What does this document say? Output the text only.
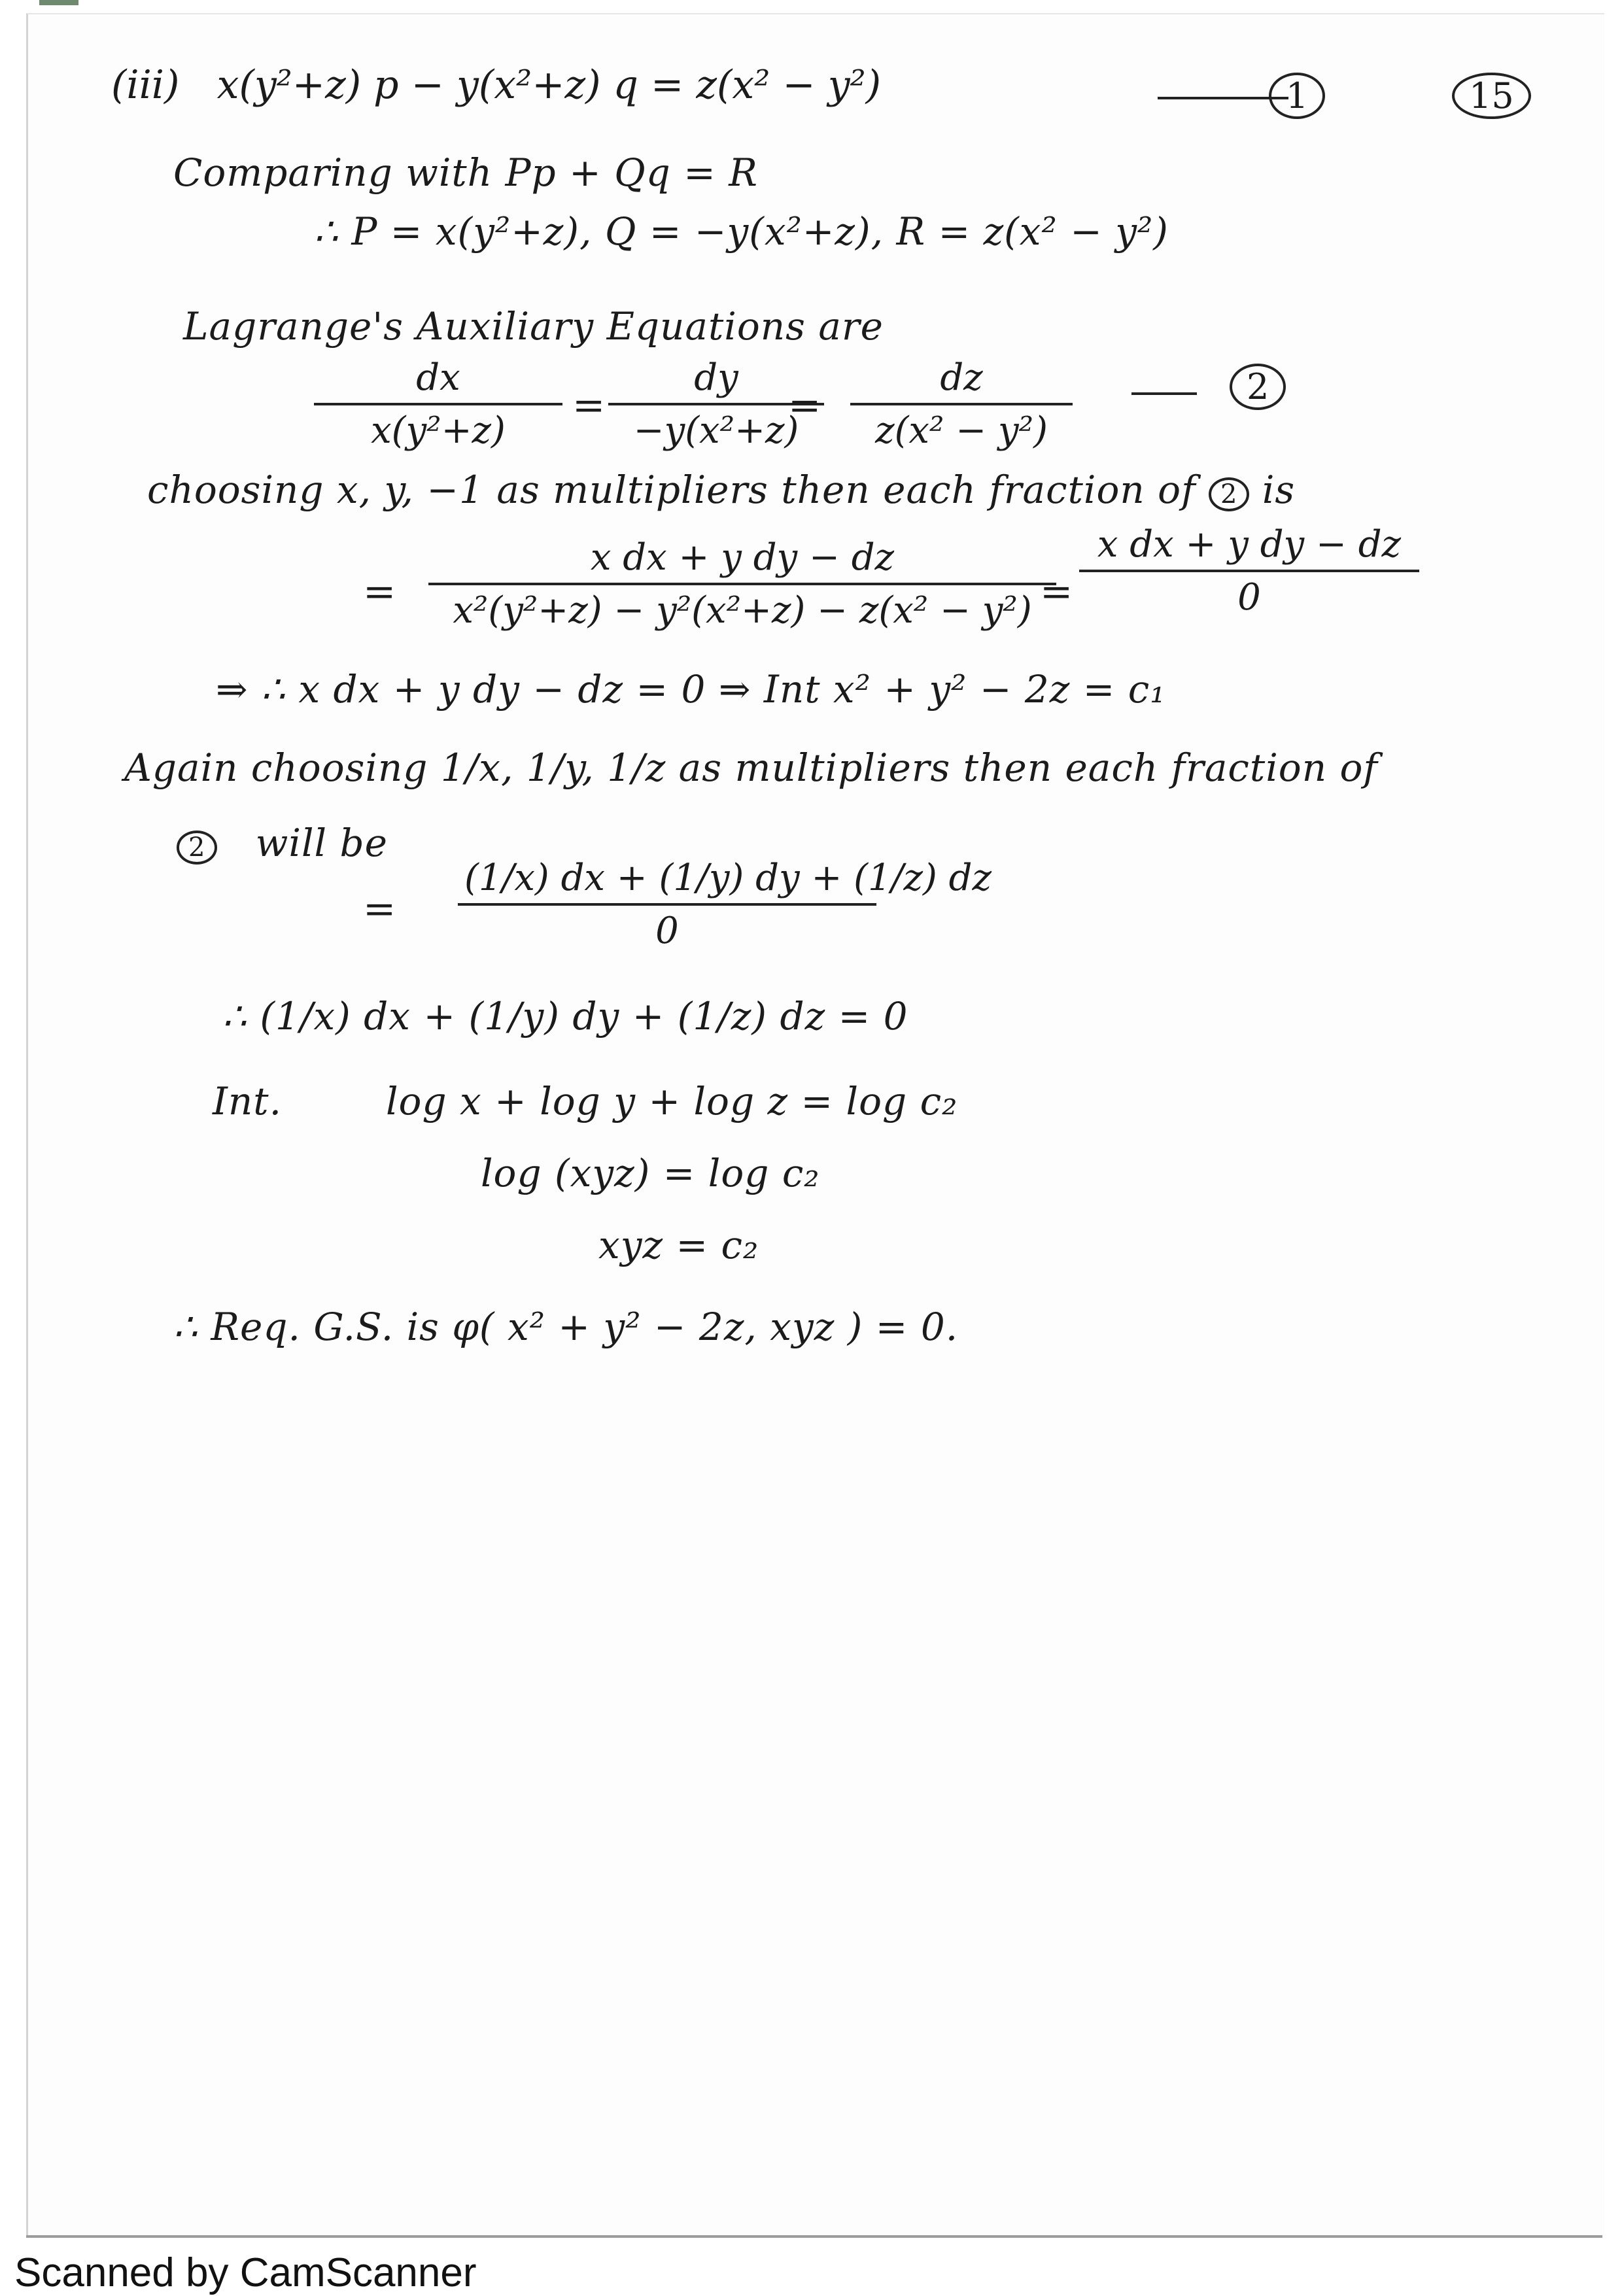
(iii) x(y²+z) p − y(x²+z) q = z(x² − y²)	1	15
Comparing with Pp + Qq = R
∴ P = x(y²+z), Q = −y(x²+z), R = z(x² − y²)
Lagrange's Auxiliary Equations are
dx
x(y²+z)
=
dy
−y(x²+z)
=
dz
z(x² − y²)
2
choosing x, y, −1 as multipliers then each fraction of 2 is
=
x dx + y dy − dz
x²(y²+z) − y²(x²+z) − z(x² − y²) =
x dx + y dy − dz
0
⇒ ∴ x dx + y dy − dz = 0 ⇒ Int x² + y² − 2z = c₁
Again choosing 1/x, 1/y, 1/z as multipliers then each fraction of
2 will be
=
(1/x) dx + (1/y) dy + (1/z) dz
0
∴ (1/x) dx + (1/y) dy + (1/z) dz = 0
Int.	log x + log y + log z = log c₂
log (xyz) = log c₂
xyz = c₂
∴ Req. G.S. is φ( x² + y² − 2z, xyz ) = 0.
Scanned by CamScanner
